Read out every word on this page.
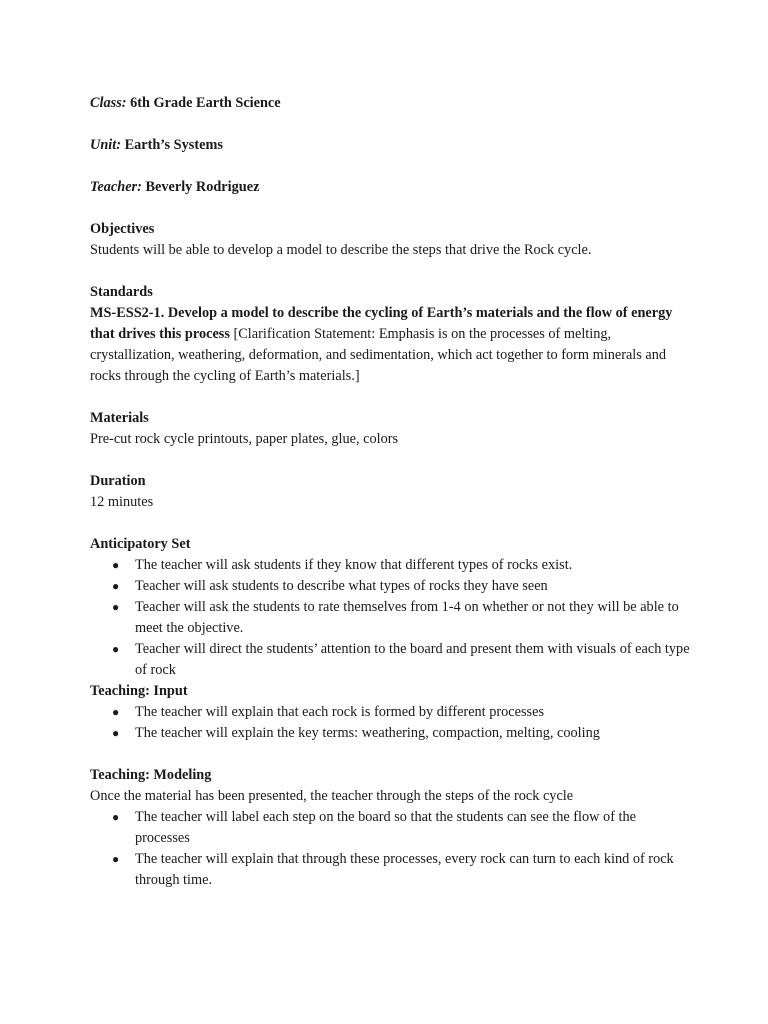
Class: 6th Grade Earth Science

Unit: Earth’s Systems

Teacher: Beverly Rodriguez

Objectives

Students will be able to develop a model to describe the steps that drive the Rock cycle.

Standards

MS-ESS2-1. Develop a model to describe the cycling of Earth’s materials and the flow of energy that drives this process [Clarification Statement: Emphasis is on the processes of melting, crystallization, weathering, deformation, and sedimentation, which act together to form minerals and rocks through the cycling of Earth’s materials.]

Materials

Pre-cut rock cycle printouts, paper plates, glue, colors

Duration

12 minutes

Anticipatory Set

● The teacher will ask students if they know that different types of rocks exist.
● Teacher will ask students to describe what types of rocks they have seen
● Teacher will ask the students to rate themselves from 1-4 on whether or not they will be able to meet the objective.
● Teacher will direct the students’ attention to the board and present them with visuals of each type of rock

Teaching: Input

● The teacher will explain that each rock is formed by different processes
● The teacher will explain the key terms: weathering, compaction, melting, cooling

Teaching: Modeling

Once the material has been presented, the teacher through the steps of the rock cycle

● The teacher will label each step on the board so that the students can see the flow of the processes
● The teacher will explain that through these processes, every rock can turn to each kind of rock through time.
